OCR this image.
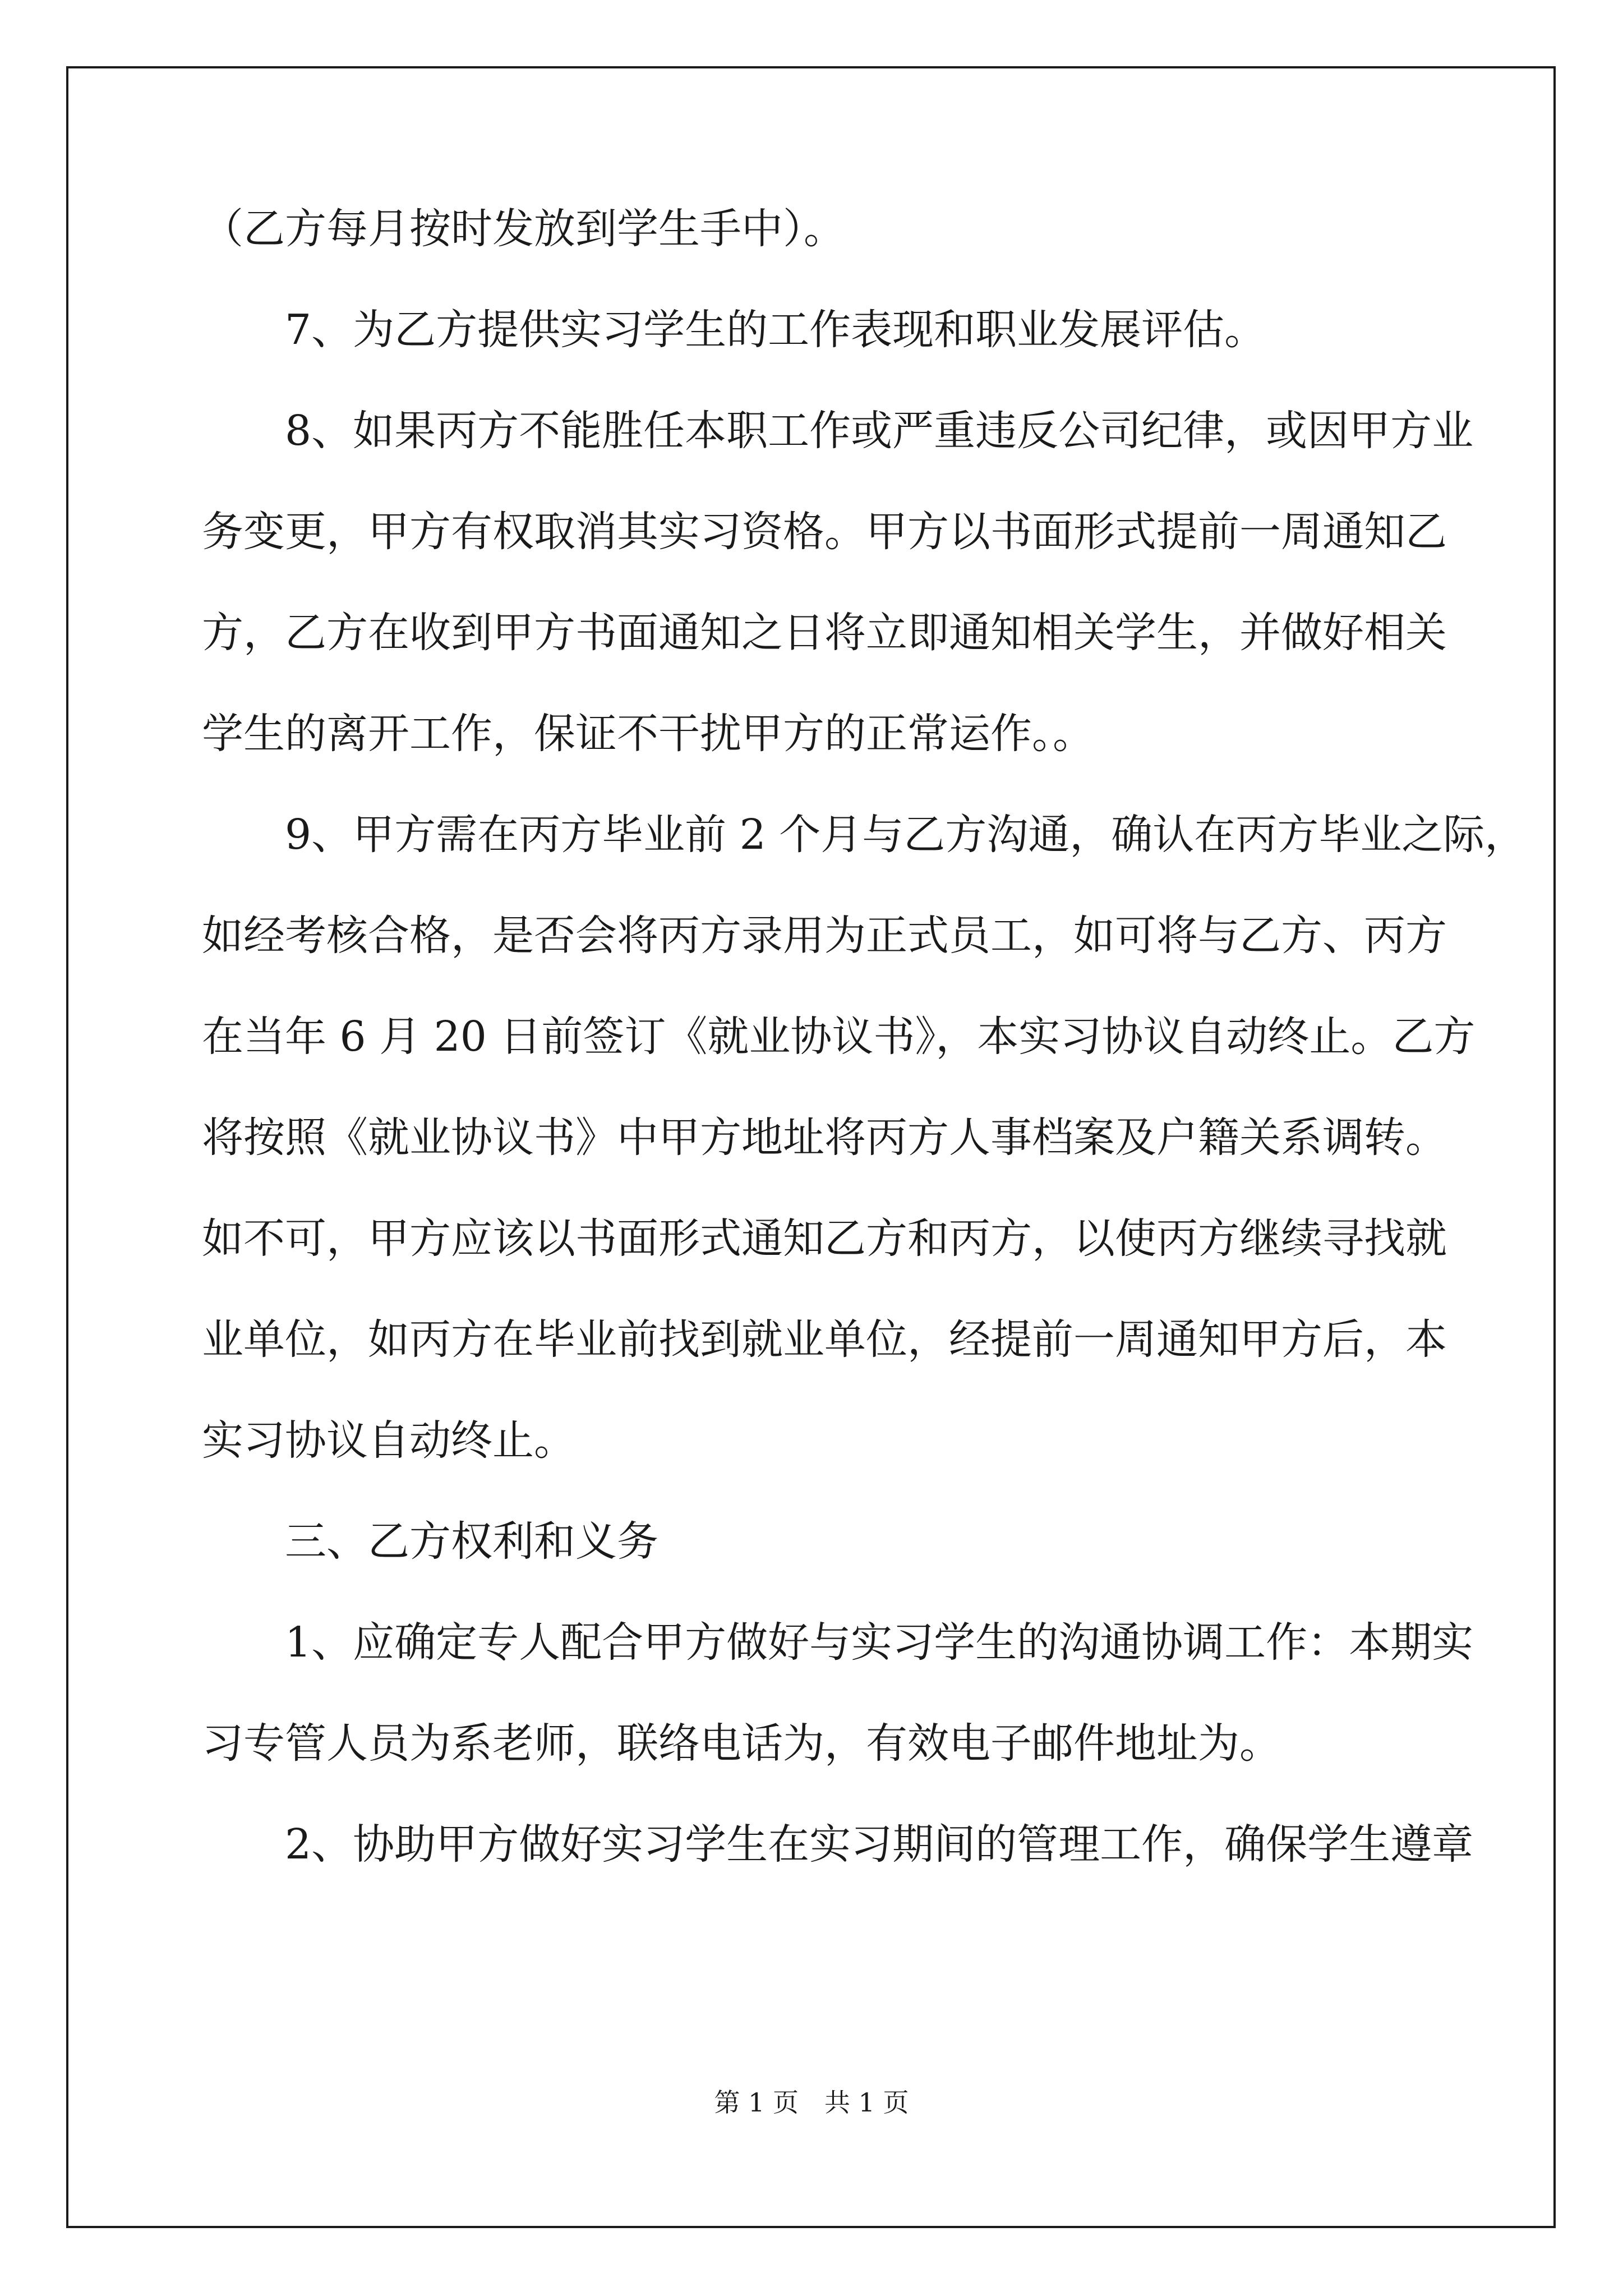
（乙方每月按时发放到学生手中）。
7、为乙方提供实习学生的工作表现和职业发展评估。
8、如果丙方不能胜任本职工作或严重违反公司纪律，或因甲方业
务变更，甲方有权取消其实习资格。甲方以书面形式提前一周通知乙
方，乙方在收到甲方书面通知之日将立即通知相关学生，并做好相关
学生的离开工作，保证不干扰甲方的正常运作。。
9、甲方需在丙方毕业前 2 个月与乙方沟通，确认在丙方毕业之际，
如经考核合格，是否会将丙方录用为正式员工，如可将与乙方、丙方
在当年 6 月 20 日前签订《就业协议书》，本实习协议自动终止。乙方
将按照《就业协议书》中甲方地址将丙方人事档案及户籍关系调转。
如不可，甲方应该以书面形式通知乙方和丙方，以使丙方继续寻找就
业单位，如丙方在毕业前找到就业单位，经提前一周通知甲方后，本
实习协议自动终止。
三、乙方权利和义务
1、应确定专人配合甲方做好与实习学生的沟通协调工作：本期实
习专管人员为系老师，联络电话为，有效电子邮件地址为。
2、协助甲方做好实习学生在实习期间的管理工作，确保学生遵章
第 1 页　共 1 页
